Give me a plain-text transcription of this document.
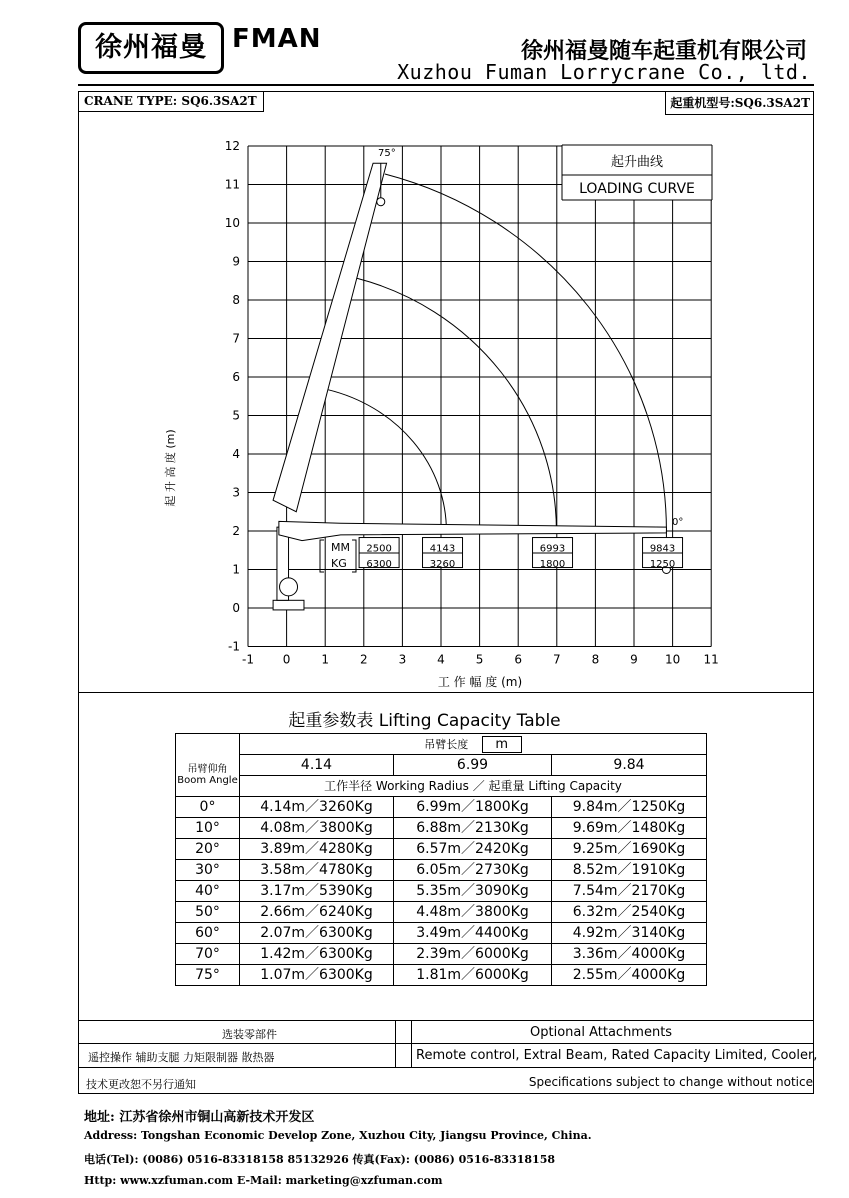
徐州福曼 FMAN	徐州福曼随车起重机有限公司
Xuzhou Fuman Lorrycrane Co., ltd.
CRANE TYPE: SQ6.3SA2T	起重机型号:SQ6.3SA2T
-1 0	1	2	3	4	5	6	7	8	9 10 11
-1
0
1
2
3
4
5
6
7
8
9
10
11
12
2500
6300
4143
3260
6993
1800
9843
1250
起升曲线
LOADING CURVE
工 作 幅 度 (m)
起 升 高 度 (m)
75°
0°
MM
KG
起重参数表 Lifting Capacity Table
	吊臂长度 m		

吊臂仰角
Boom Angle	4.14	6.99	9.84
	工作半径 Working Radius ／ 起重量 Lifting Capacity		
0°	4.14m／3260Kg	6.99m／1800Kg	9.84m／1250Kg
10°	4.08m／3800Kg	6.88m／2130Kg	9.69m／1480Kg
20°	3.89m／4280Kg	6.57m／2420Kg	9.25m／1690Kg
30°	3.58m／4780Kg	6.05m／2730Kg	8.52m／1910Kg
40°	3.17m／5390Kg	5.35m／3090Kg	7.54m／2170Kg
50°	2.66m／6240Kg	4.48m／3800Kg	6.32m／2540Kg
60°	2.07m／6300Kg	3.49m／4400Kg	4.92m／3140Kg
70°	1.42m／6300Kg	2.39m／6000Kg	3.36m／4000Kg
75°	1.07m／6300Kg	1.81m／6000Kg	2.55m／4000Kg
选装零部件	Optional Attachments
遥控操作 辅助支腿 力矩限制器 散热器	Remote control, Extral Beam, Rated Capacity Limited, Cooler,
技术更改恕不另行通知	Specifications subject to change without notice
地址: 江苏省徐州市铜山高新技术开发区
Address: Tongshan Economic Develop Zone, Xuzhou City, Jiangsu Province, China.
电话(Tel): (0086) 0516-83318158 85132926 传真(Fax): (0086) 0516-83318158
Http: www.xzfuman.com E-Mail: marketing@xzfuman.com
